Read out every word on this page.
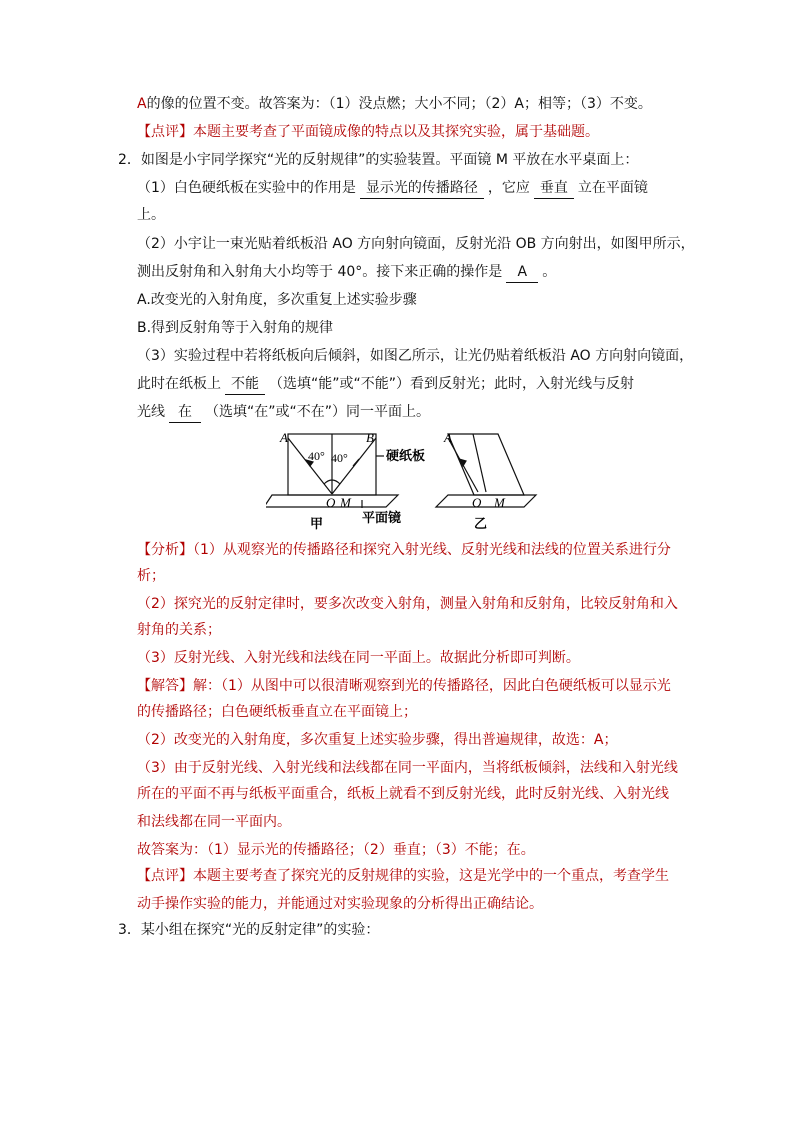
A的像的位置不变。故答案为：（1）没点燃；大小不同；（2）A；相等；（3）不变。
【点评】本题主要考查了平面镜成像的特点以及其探究实验，属于基础题。
2．如图是小宇同学探究“光的反射规律”的实验装置。平面镜 M 平放在水平桌面上：
（1）白色硬纸板在实验中的作用是 显示光的传播路径 ，它应 垂直 立在平面镜
上。
（2）小宇让一束光贴着纸板沿 AO 方向射向镜面，反射光沿 OB 方向射出，如图甲所示，
测出反射角和入射角大小均等于 40°。接下来正确的操作是 A 。
A.改变光的入射角度，多次重复上述实验步骤
B.得到反射角等于入射角的规律
（3）实验过程中若将纸板向后倾斜，如图乙所示，让光仍贴着纸板沿 AO 方向射向镜面，
此时在纸板上 不能 （选填“能”或“不能”）看到反射光；此时，入射光线与反射
光线 在 （选填“在”或“不在”）同一平面上。
A	B
40° 40°	硬纸板
O M
平面镜
甲
A
O M
乙
【分析】（1）从观察光的传播路径和探究入射光线、反射光线和法线的位置关系进行分
析；
（2）探究光的反射定律时，要多次改变入射角，测量入射角和反射角，比较反射角和入
射角的关系；
（3）反射光线、入射光线和法线在同一平面上。故据此分析即可判断。
【解答】解：（1）从图中可以很清晰观察到光的传播路径，因此白色硬纸板可以显示光
的传播路径；白色硬纸板垂直立在平面镜上；
（2）改变光的入射角度，多次重复上述实验步骤，得出普遍规律，故选：A；
（3）由于反射光线、入射光线和法线都在同一平面内，当将纸板倾斜，法线和入射光线
所在的平面不再与纸板平面重合，纸板上就看不到反射光线，此时反射光线、入射光线
和法线都在同一平面内。
故答案为：（1）显示光的传播路径；（2）垂直；（3）不能；在。
【点评】本题主要考查了探究光的反射规律的实验，这是光学中的一个重点，考查学生
动手操作实验的能力，并能通过对实验现象的分析得出正确结论。
3．某小组在探究“光的反射定律”的实验：
